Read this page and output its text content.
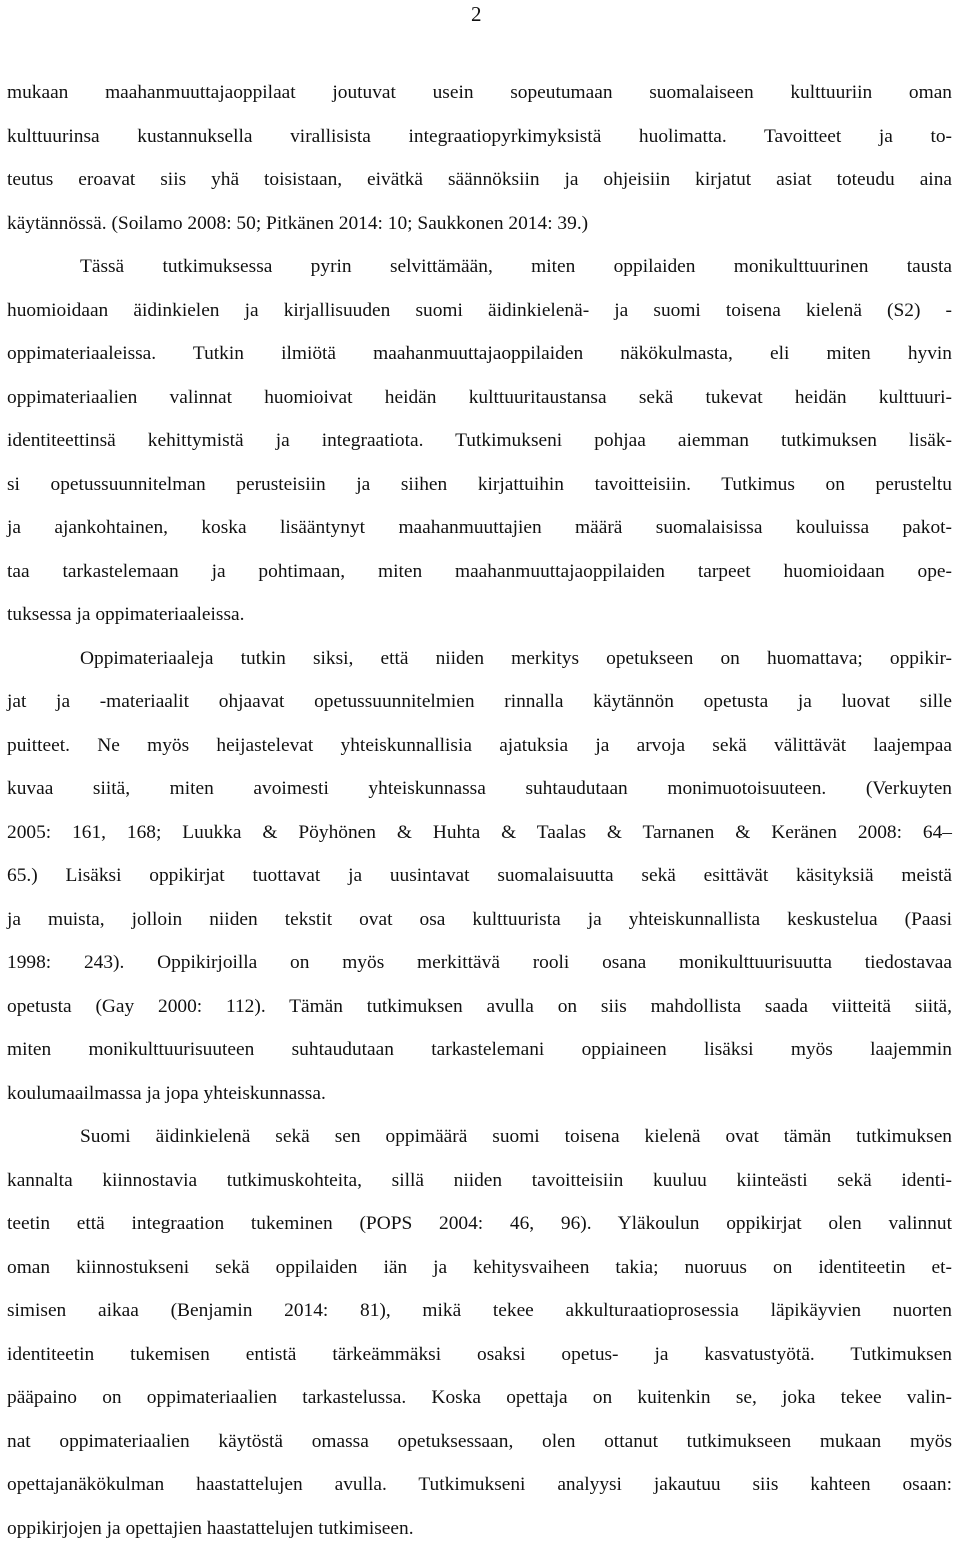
2

mukaan maahanmuuttajaoppilaat joutuvat usein sopeutumaan suomalaiseen kulttuuriin oman
kulttuurinsa kustannuksella virallisista integraatiopyrkimyksistä huolimatta. Tavoitteet ja to-
teutus eroavat siis yhä toisistaan, eivätkä säännöksiin ja ohjeisiin kirjatut asiat toteudu aina
käytännössä. (Soilamo 2008: 50; Pitkänen 2014: 10; Saukkonen 2014: 39.)

Tässä tutkimuksessa pyrin selvittämään, miten oppilaiden monikulttuurinen tausta
huomioidaan äidinkielen ja kirjallisuuden suomi äidinkielenä- ja suomi toisena kielenä (S2) -
oppimateriaaleissa. Tutkin ilmiötä maahanmuuttajaoppilaiden näkökulmasta, eli miten hyvin
oppimateriaalien valinnat huomioivat heidän kulttuuritaustansa sekä tukevat heidän kulttuuri-
identiteettinsä kehittymistä ja integraatiota. Tutkimukseni pohjaa aiemman tutkimuksen lisäk-
si opetussuunnitelman perusteisiin ja siihen kirjattuihin tavoitteisiin. Tutkimus on perusteltu
ja ajankohtainen, koska lisääntynyt maahanmuuttajien määrä suomalaisissa kouluissa pakot-
taa tarkastelemaan ja pohtimaan, miten maahanmuuttajaoppilaiden tarpeet huomioidaan ope-
tuksessa ja oppimateriaaleissa.

Oppimateriaaleja tutkin siksi, että niiden merkitys opetukseen on huomattava; oppikir-
jat ja -materiaalit ohjaavat opetussuunnitelmien rinnalla käytännön opetusta ja luovat sille
puitteet. Ne myös heijastelevat yhteiskunnallisia ajatuksia ja arvoja sekä välittävät laajempaa
kuvaa siitä, miten avoimesti yhteiskunnassa suhtaudutaan monimuotoisuuteen. (Verkuyten
2005: 161, 168; Luukka & Pöyhönen & Huhta & Taalas & Tarnanen & Keränen 2008: 64–
65.) Lisäksi oppikirjat tuottavat ja uusintavat suomalaisuutta sekä esittävät käsityksiä meistä
ja muista, jolloin niiden tekstit ovat osa kulttuurista ja yhteiskunnallista keskustelua (Paasi
1998: 243). Oppikirjoilla on myös merkittävä rooli osana monikulttuurisuutta tiedostavaa
opetusta (Gay 2000: 112). Tämän tutkimuksen avulla on siis mahdollista saada viitteitä siitä,
miten monikulttuurisuuteen suhtaudutaan tarkastelemani oppiaineen lisäksi myös laajemmin
koulumaailmassa ja jopa yhteiskunnassa.

Suomi äidinkielenä sekä sen oppimäärä suomi toisena kielenä ovat tämän tutkimuksen
kannalta kiinnostavia tutkimuskohteita, sillä niiden tavoitteisiin kuuluu kiinteästi sekä identi-
teetin että integraation tukeminen (POPS 2004: 46, 96). Yläkoulun oppikirjat olen valinnut
oman kiinnostukseni sekä oppilaiden iän ja kehitysvaiheen takia; nuoruus on identiteetin et-
simisen aikaa (Benjamin 2014: 81), mikä tekee akkulturaatioprosessia läpikäyvien nuorten
identiteetin tukemisen entistä tärkeämmäksi osaksi opetus- ja kasvatustyötä. Tutkimuksen
pääpaino on oppimateriaalien tarkastelussa. Koska opettaja on kuitenkin se, joka tekee valin-
nat oppimateriaalien käytöstä omassa opetuksessaan, olen ottanut tutkimukseen mukaan myös
opettajanäkökulman haastattelujen avulla. Tutkimukseni analyysi jakautuu siis kahteen osaan:
oppikirjojen ja opettajien haastattelujen tutkimiseen.
